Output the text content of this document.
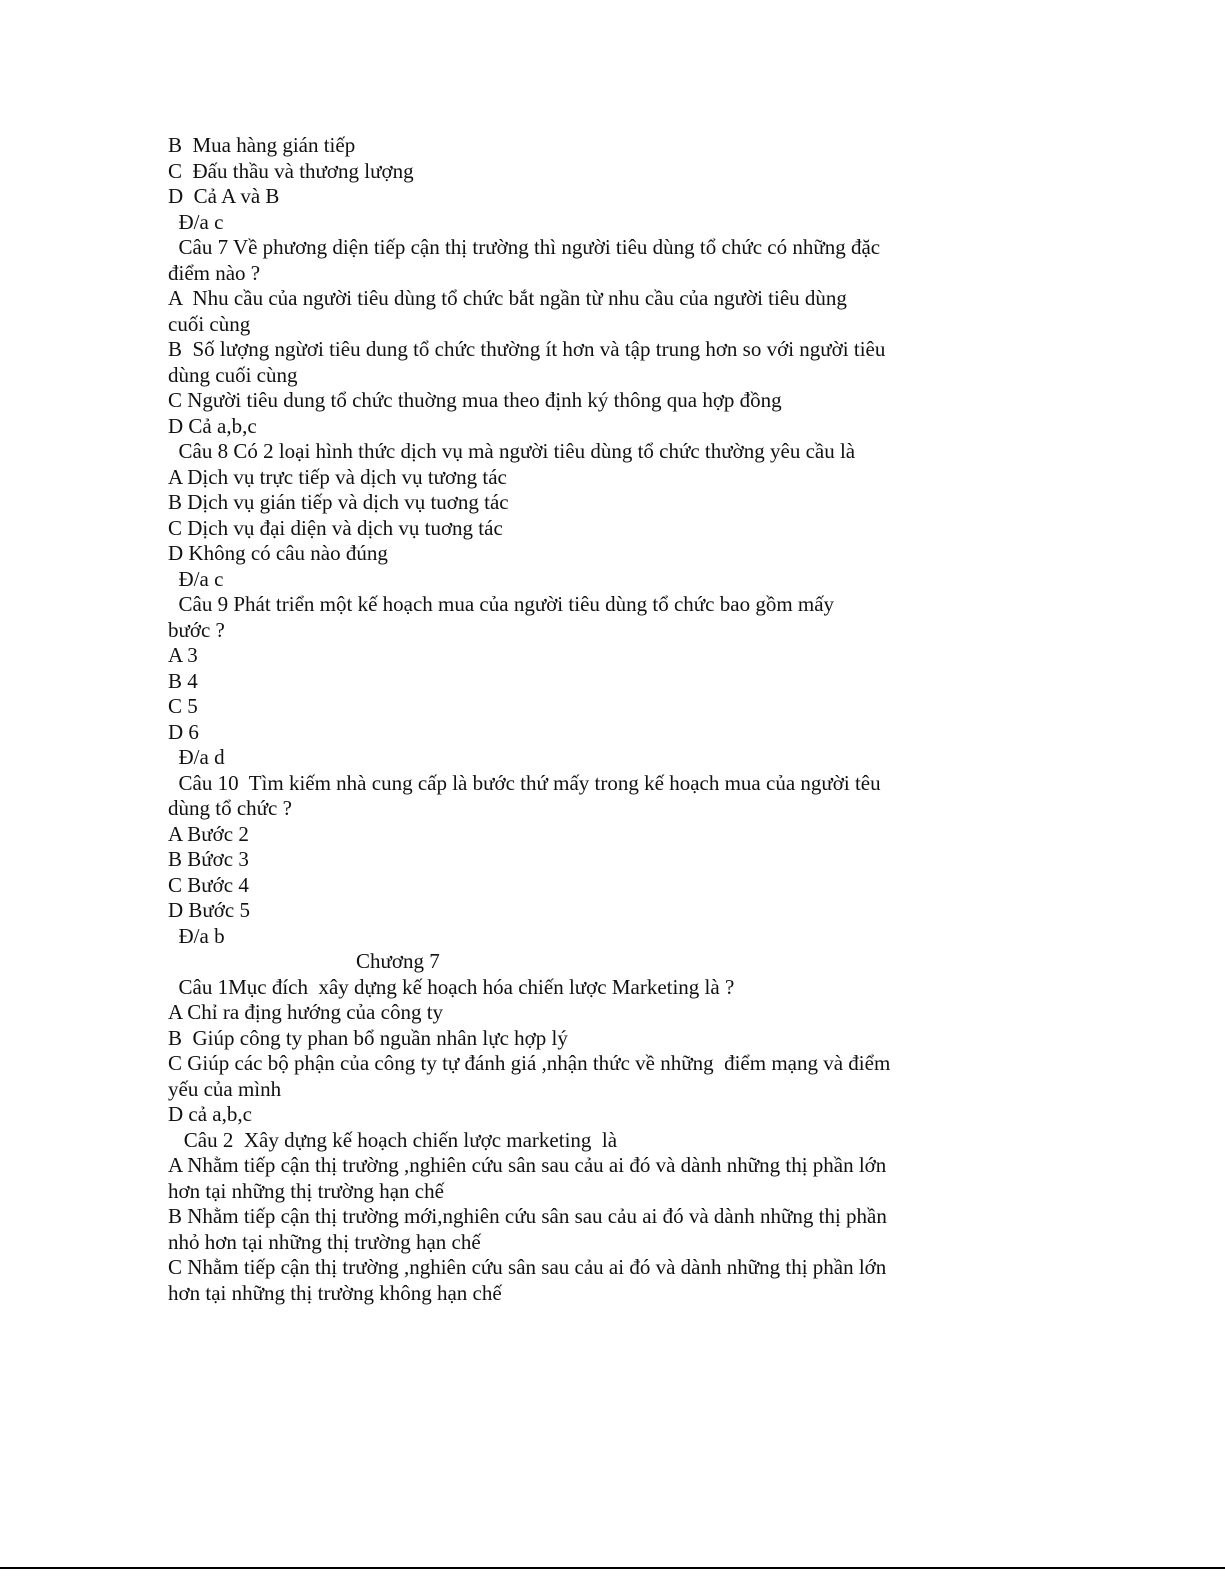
B  Mua hàng gián tiếp
C  Đấu thầu và thương lượng
D  Cả A và B
Đ/a c
Câu 7 Về phương diện tiếp cận thị trường thì người tiêu dùng tổ chức có những đặc
điểm nào ?
A  Nhu cầu của người tiêu dùng tổ chức bắt ngần từ nhu cầu của người tiêu dùng
cuối cùng
B  Số lượng ngừơi tiêu dung tổ chức thường ít hơn và tập trung hơn so với người tiêu
dùng cuối cùng
C Người tiêu dung tổ chức thuờng mua theo định ký thông qua hợp đồng
D Cả a,b,c
Câu 8 Có 2 loại hình thức dịch vụ mà người tiêu dùng tổ chức thường yêu cầu là
A Dịch vụ trực tiếp và dịch vụ tương tác
B Dịch vụ gián tiếp và dịch vụ tuơng tác
C Dịch vụ đại diện và dịch vụ tuơng tác
D Không có câu nào đúng
Đ/a c
Câu 9 Phát triển một kế hoạch mua của người tiêu dùng tổ chức bao gồm mấy
bước ?
A 3
B 4
C 5
D 6
Đ/a d
Câu 10  Tìm kiếm nhà cung cấp là bước thứ mấy trong kế hoạch mua của người têu
dùng tổ chức ?
A Bước 2
B Bứơc 3
C Bước 4
D Bước 5
Đ/a b
Chương 7
Câu 1Mục đích  xây dựng kế hoạch hóa chiến lược Marketing là ?
A Chỉ ra địng hướng của công ty
B  Giúp công ty phan bổ nguần nhân lực hợp lý
C Giúp các bộ phận của công ty tự đánh giá ,nhận thức về những  điểm mạng và điểm
yếu của mình
D cả a,b,c
Câu 2  Xây dựng kế hoạch chiến lược marketing  là
A Nhằm tiếp cận thị trường ,nghiên cứu sân sau cảu ai đó và dành những thị phần lớn
hơn tại những thị trường hạn chế
B Nhằm tiếp cận thị trường mới,nghiên cứu sân sau cảu ai đó và dành những thị phần
nhỏ hơn tại những thị trường hạn chế
C Nhằm tiếp cận thị trường ,nghiên cứu sân sau cảu ai đó và dành những thị phần lớn
hơn tại những thị trường không hạn chế
